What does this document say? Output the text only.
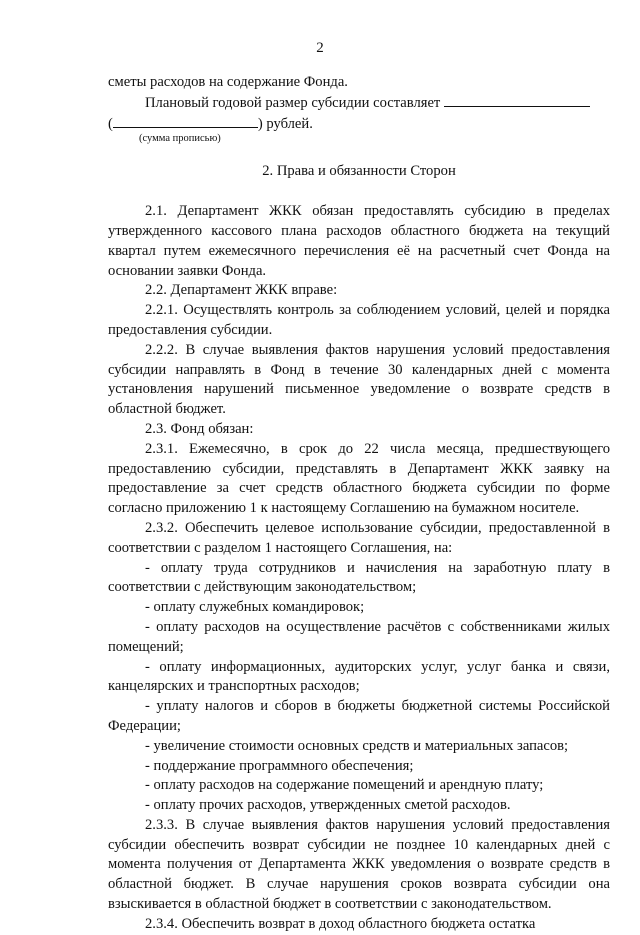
2

сметы расходов на содержание Фонда.

Плановый годовой размер субсидии составляет

(	) рублей.

(сумма прописью)

2. Права и обязанности Сторон

2.1. Департамент ЖКК обязан предоставлять субсидию в пределах утвержденного кассового плана расходов областного бюджета на текущий квартал путем ежемесячного перечисления её на расчетный счет Фонда на основании заявки Фонда.

2.2. Департамент ЖКК вправе:

2.2.1. Осуществлять контроль за соблюдением условий, целей и порядка предоставления субсидии.

2.2.2. В случае выявления фактов нарушения условий предоставления субсидии направлять в Фонд в течение 30 календарных дней с момента установления нарушений письменное уведомление о возврате средств в областной бюджет.

2.3. Фонд обязан:

2.3.1. Ежемесячно, в срок до 22 числа месяца, предшествующего предоставлению субсидии, представлять в Департамент ЖКК заявку на предоставление за счет средств областного бюджета субсидии по форме согласно приложению 1 к настоящему Соглашению на бумажном носителе.

2.3.2. Обеспечить целевое использование субсидии, предоставленной в соответствии с разделом 1 настоящего Соглашения, на:

- оплату труда сотрудников и начисления на заработную плату в соответствии с действующим законодательством;

- оплату служебных командировок;

- оплату расходов на осуществление расчётов с собственниками жилых помещений;

- оплату информационных, аудиторских услуг, услуг банка и связи, канцелярских и транспортных расходов;

- уплату налогов и сборов в бюджеты бюджетной системы Российской Федерации;

- увеличение стоимости основных средств и материальных запасов;

- поддержание программного обеспечения;

- оплату расходов на содержание помещений и арендную плату;

- оплату прочих расходов, утвержденных сметой расходов.

2.3.3. В случае выявления фактов нарушения условий предоставления субсидии обеспечить возврат субсидии не позднее 10 календарных дней с момента получения от Департамента ЖКК уведомления о возврате средств в областной бюджет. В случае нарушения сроков возврата субсидии она взыскивается в областной бюджет в соответствии с законодательством.

2.3.4. Обеспечить возврат в доход областного бюджета остатка
